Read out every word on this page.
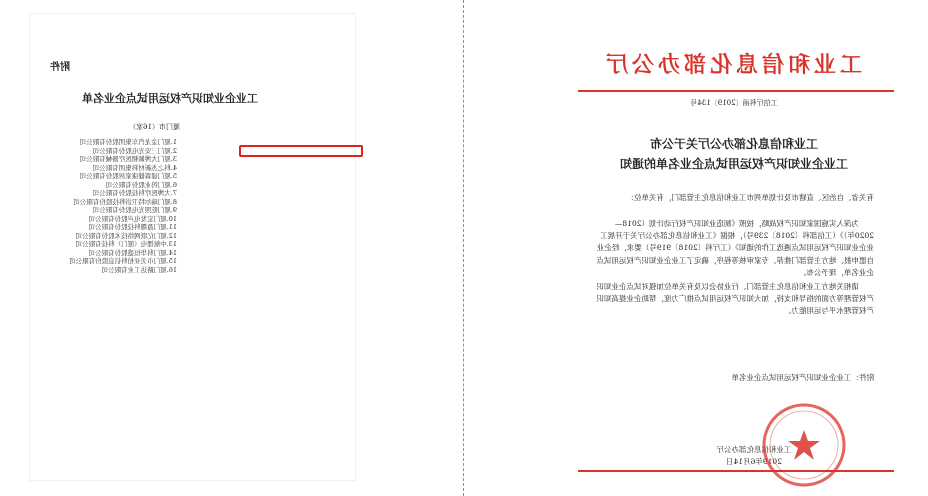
附件
工业企业知识产权运用试点企业名单
厦门市（16家）
1.厦门金龙汽车集团股份有限公司
2.厦门三安光电股份有限公司
3.厦门大博颖精医疗器械有限公司
4.科之杰新材料集团有限公司
5.厦门建霖健康家居股份有限公司
6.厦门钨业股份有限公司
7.大博医疗科技股份有限公司
8.厦门瑞尔特卫浴科技股份有限公司
9.厦门乾照光电股份有限公司
10.厦门宏发电声股份有限公司
11.厦门盈趣科技股份有限公司
12.厦门亿联网络技术股份有限公司
13.中航锂电（厦门）科技有限公司
14.厦门科华恒盛股份有限公司
15.厦门市美亚柏科信息股份有限公司
16.厦门路达工业有限公司
工业和信息化部办公厅
工信厅科函〔2019〕134号
工业和信息化部办公厅关于公布
工业企业知识产权运用试点企业名单的通知
有关省、自治区、直辖市及计划单列市工业和信息化主管部门，有关单位：

为深入实施国家知识产权战略，按照《制造业知识产权行动计划（2018—2020年）》（工信部科〔2018〕239号），根据《工业和信息化部办公厅关于开展工业企业知识产权运用试点遴选工作的通知》（工厅科〔2018〕919号）要求，经企业自愿申报、地方主管部门推荐、专家审核等程序，确定了工业企业知识产权运用试点企业名单，现予公布。

请相关地方工业和信息化主管部门、行业协会以及有关单位加强对试点企业知识产权管理等方面的指导和支持，加大知识产权运用试点推广力度，帮助企业提高知识产权管理水平与运用能力。

附件：工业企业知识产权运用试点企业名单
工业和信息化部办公厅
2019年6月14日
